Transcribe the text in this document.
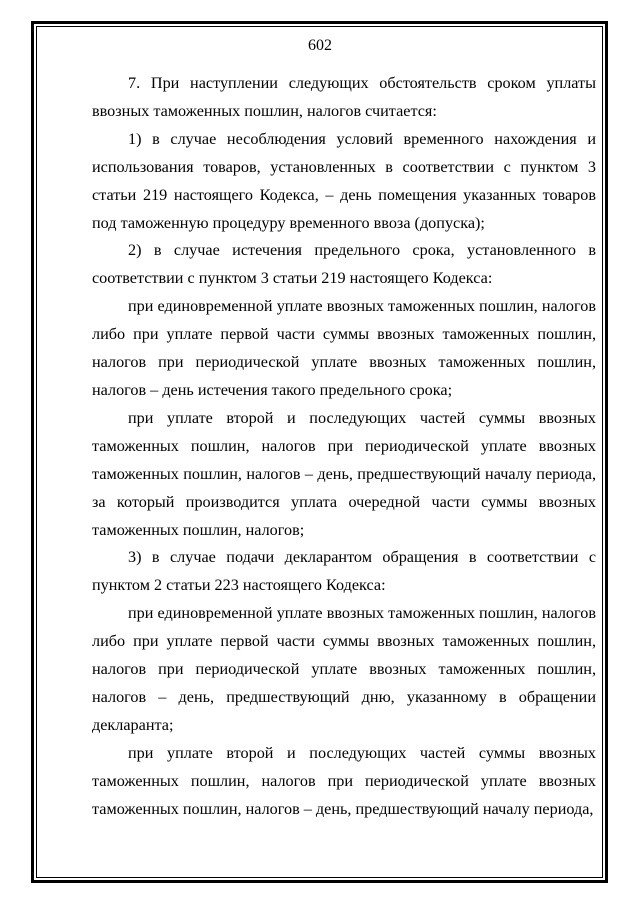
602

7. При наступлении следующих обстоятельств сроком уплаты ввозных таможенных пошлин, налогов считается:

1) в случае несоблюдения условий временного нахождения и использования товаров, установленных в соответствии с пунктом 3 статьи 219 настоящего Кодекса, – день помещения указанных товаров под таможенную процедуру временного ввоза (допуска);

2) в случае истечения предельного срока, установленного в соответствии с пунктом 3 статьи 219 настоящего Кодекса:

при единовременной уплате ввозных таможенных пошлин, налогов либо при уплате первой части суммы ввозных таможенных пошлин, налогов при периодической уплате ввозных таможенных пошлин, налогов – день истечения такого предельного срока;

при уплате второй и последующих частей суммы ввозных таможенных пошлин, налогов при периодической уплате ввозных таможенных пошлин, налогов – день, предшествующий началу периода, за который производится уплата очередной части суммы ввозных таможенных пошлин, налогов;

3) в случае подачи декларантом обращения в соответствии с пунктом 2 статьи 223 настоящего Кодекса:

при единовременной уплате ввозных таможенных пошлин, налогов либо при уплате первой части суммы ввозных таможенных пошлин, налогов при периодической уплате ввозных таможенных пошлин, налогов – день, предшествующий дню, указанному в обращении декларанта;

при уплате второй и последующих частей суммы ввозных таможенных пошлин, налогов при периодической уплате ввозных таможенных пошлин, налогов – день, предшествующий началу периода,
